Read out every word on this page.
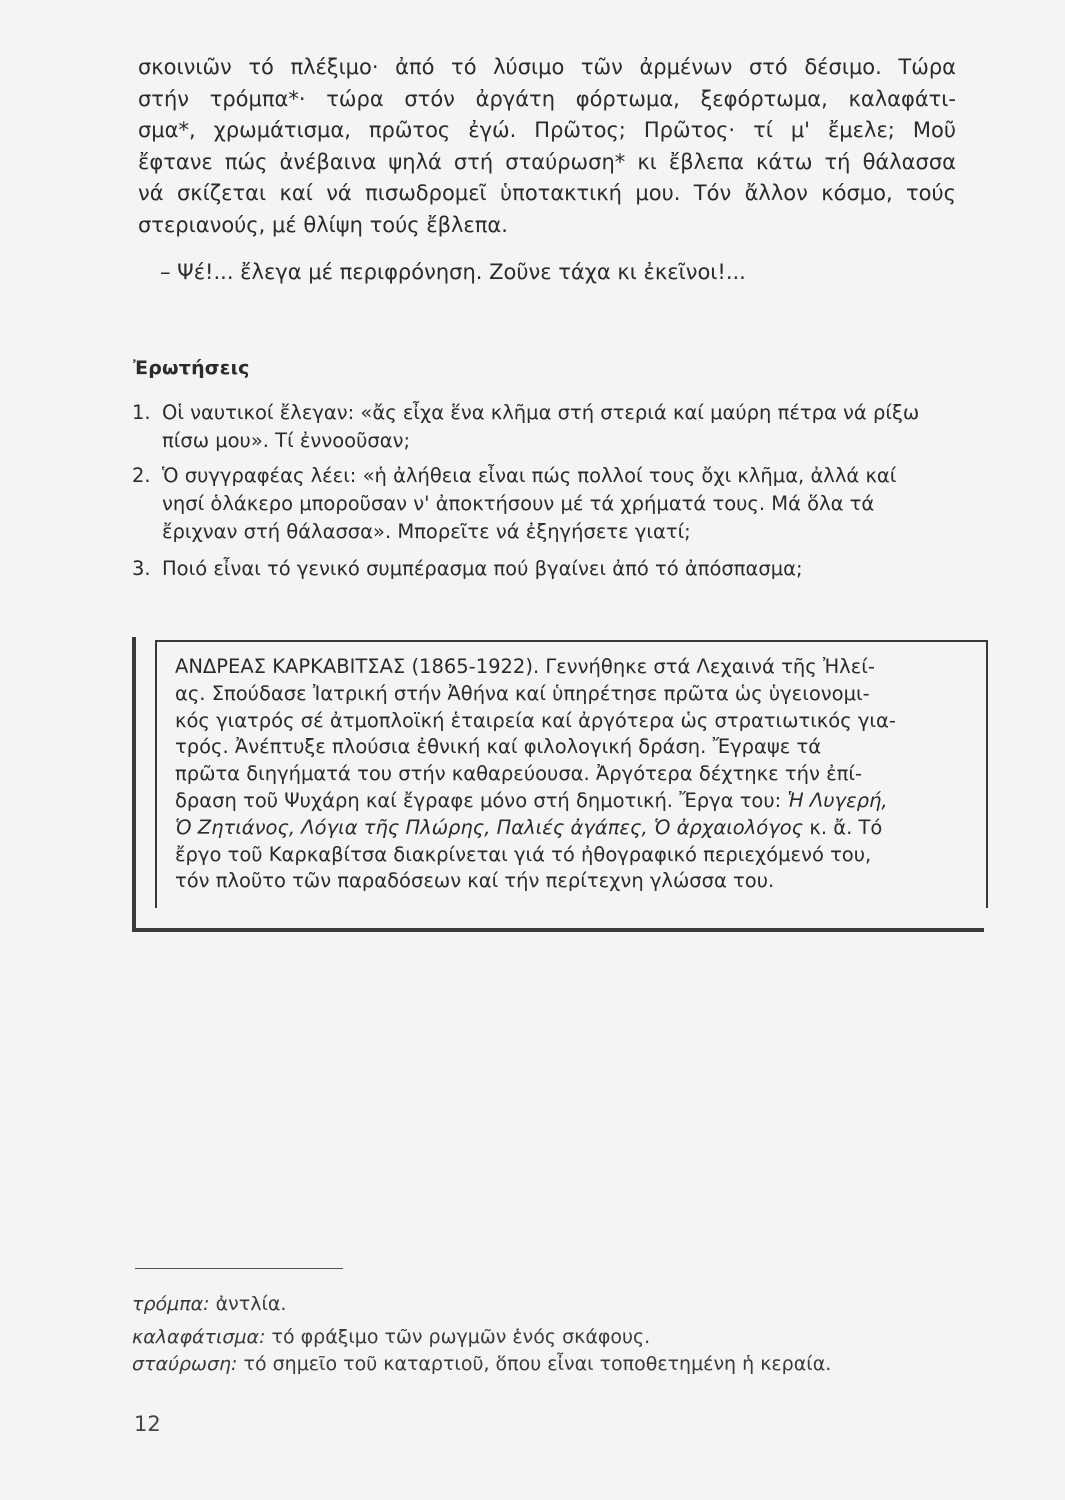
σκοινιῶν τό πλέξιμο· ἀπό τό λύσιμο τῶν ἀρμένων στό δέσιμο. Τώρα
στήν τρόμπα*· τώρα στόν ἀργάτη φόρτωμα, ξεφόρτωμα, καλαφάτι-
σμα*, χρωμάτισμα, πρῶτος ἐγώ. Πρῶτος; Πρῶτος· τί μ' ἔμελε; Μοῦ
ἔφτανε πώς ἀνέβαινα ψηλά στή σταύρωση* κι ἔβλεπα κάτω τή θάλασσα
νά σκίζεται καί νά πισωδρομεῖ ὑποτακτική μου. Τόν ἄλλον κόσμο, τούς
στεριανούς, μέ θλίψη τούς ἔβλεπα.
– Ψέ!... ἔλεγα μέ περιφρόνηση. Ζοῦνε τάχα κι ἐκεῖνοι!...
Ἐρωτήσεις
1. Οἱ ναυτικοί ἔλεγαν: «ἄς εἶχα ἕνα κλῆμα στή στεριά καί μαύρη πέτρα νά ρίξω
πίσω μου». Τί ἐννοοῦσαν;
2. Ὁ συγγραφέας λέει: «ἡ ἀλήθεια εἶναι πώς πολλοί τους ὄχι κλῆμα, ἀλλά καί
νησί ὁλάκερο μποροῦσαν ν' ἀποκτήσουν μέ τά χρήματά τους. Μά ὅλα τά
ἔριχναν στή θάλασσα». Μπορεῖτε νά ἐξηγήσετε γιατί;
3. Ποιό εἶναι τό γενικό συμπέρασμα πού βγαίνει ἀπό τό ἀπόσπασμα;
ΑΝΔΡΕΑΣ ΚΑΡΚΑΒΙΤΣΑΣ (1865-1922). Γεννήθηκε στά Λεχαινά τῆς Ἠλεί-
ας. Σπούδασε Ἰατρική στήν Ἀθήνα καί ὑπηρέτησε πρῶτα ὡς ὑγειονομι-
κός γιατρός σέ ἀτμοπλοϊκή ἑταιρεία καί ἀργότερα ὡς στρατιωτικός για-
τρός. Ἀνέπτυξε πλούσια ἐθνική καί φιλολογική δράση. Ἔγραψε τά
πρῶτα διηγήματά του στήν καθαρεύουσα. Ἀργότερα δέχτηκε τήν ἐπί-
δραση τοῦ Ψυχάρη καί ἔγραφε μόνο στή δημοτική. Ἔργα του: Ἡ Λυγερή,
Ὁ Ζητιάνος, Λόγια τῆς Πλώρης, Παλιές ἀγάπες, Ὁ ἀρχαιολόγος κ. ἄ. Τό
ἔργο τοῦ Καρκαβίτσα διακρίνεται γιά τό ἠθογραφικό περιεχόμενό του,
τόν πλοῦτο τῶν παραδόσεων καί τήν περίτεχνη γλώσσα του.
τρόμπα: ἀντλία.
καλαφάτισμα: τό φράξιμο τῶν ρωγμῶν ἑνός σκάφους.
σταύρωση: τό σημεῖο τοῦ καταρτιοῦ, ὅπου εἶναι τοποθετημένη ἡ κεραία.
12
